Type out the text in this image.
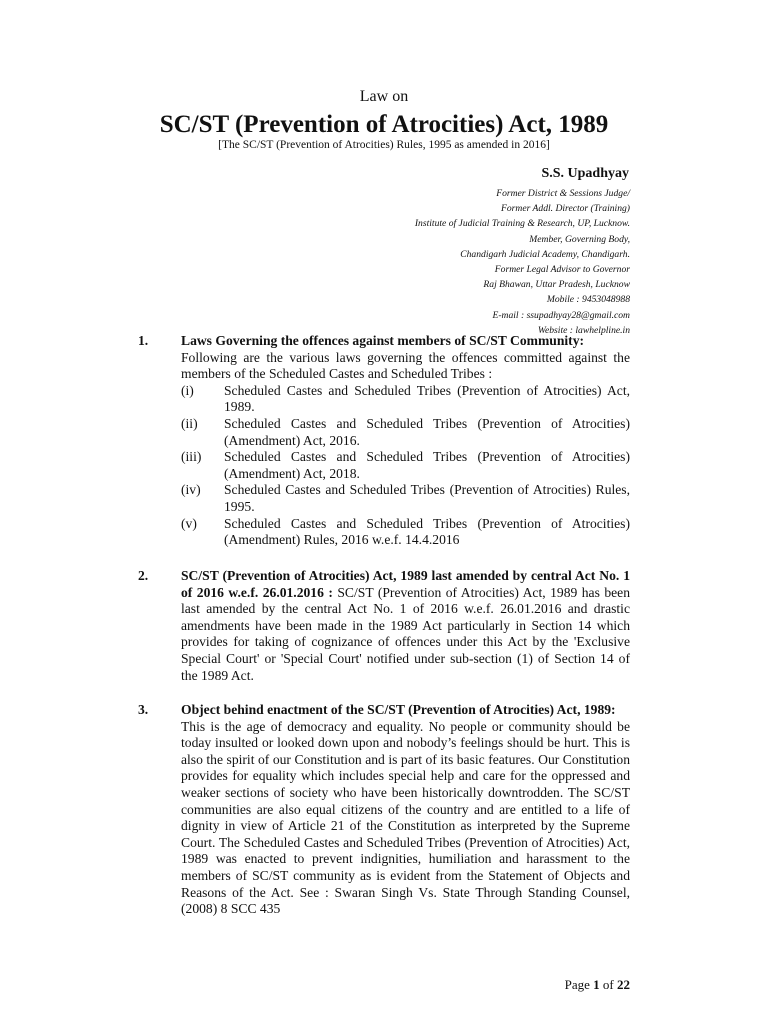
Law on
SC/ST (Prevention of Atrocities) Act, 1989
[The SC/ST (Prevention of Atrocities) Rules, 1995 as amended in 2016]
S.S. Upadhyay
Former District & Sessions Judge/
Former Addl. Director (Training)
Institute of Judicial Training & Research, UP, Lucknow.
Member, Governing Body,
Chandigarh Judicial Academy, Chandigarh.
Former Legal Advisor to Governor
Raj Bhawan, Uttar Pradesh, Lucknow
Mobile : 9453048988
E-mail : ssupadhyay28@gmail.com
Website : lawhelpline.in
1. Laws Governing the offences against members of SC/ST Community:
Following are the various laws governing the offences committed against the members of the Scheduled Castes and Scheduled Tribes :
(i) Scheduled Castes and Scheduled Tribes (Prevention of Atrocities) Act, 1989.
(ii) Scheduled Castes and Scheduled Tribes (Prevention of Atrocities) (Amendment) Act, 2016.
(iii) Scheduled Castes and Scheduled Tribes (Prevention of Atrocities) (Amendment) Act, 2018.
(iv) Scheduled Castes and Scheduled Tribes (Prevention of Atrocities) Rules, 1995.
(v) Scheduled Castes and Scheduled Tribes (Prevention of Atrocities) (Amendment) Rules, 2016 w.e.f. 14.4.2016
2. SC/ST (Prevention of Atrocities) Act, 1989 last amended by central Act No. 1 of 2016 w.e.f. 26.01.2016 : SC/ST (Prevention of Atrocities) Act, 1989 has been last amended by the central Act No. 1 of 2016 w.e.f. 26.01.2016 and drastic amendments have been made in the 1989 Act particularly in Section 14 which provides for taking of cognizance of offences under this Act by the 'Exclusive Special Court' or 'Special Court' notified under sub-section (1) of Section 14 of the 1989 Act.
3. Object behind enactment of the SC/ST (Prevention of Atrocities) Act, 1989:
This is the age of democracy and equality. No people or community should be today insulted or looked down upon and nobody’s feelings should be hurt. This is also the spirit of our Constitution and is part of its basic features. Our Constitution provides for equality which includes special help and care for the oppressed and weaker sections of society who have been historically downtrodden. The SC/ST communities are also equal citizens of the country and are entitled to a life of dignity in view of Article 21 of the Constitution as interpreted by the Supreme Court. The Scheduled Castes and Scheduled Tribes (Prevention of Atrocities) Act, 1989 was enacted to prevent indignities, humiliation and harassment to the members of SC/ST community as is evident from the Statement of Objects and Reasons of the Act. See : Swaran Singh Vs. State Through Standing Counsel, (2008) 8 SCC 435
Page 1 of 22
